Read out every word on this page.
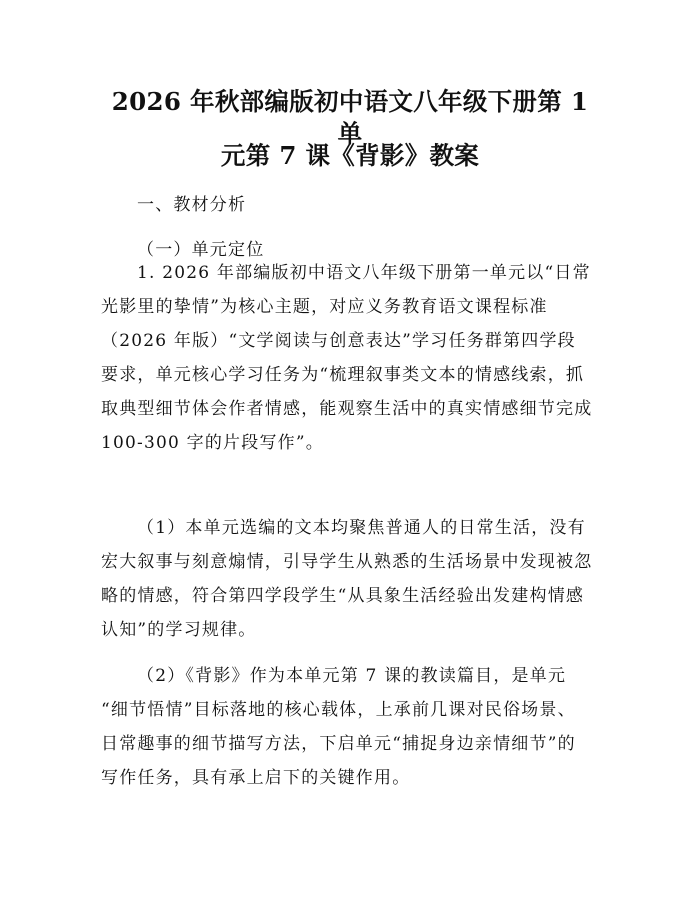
2026 年秋部编版初中语文八年级下册第 1 单
元第 7 课《背影》教案

一、教材分析

（一）单元定位

1. 2026 年部编版初中语文八年级下册第一单元以“日常
光影里的挚情”为核心主题，对应义务教育语文课程标准
（2026 年版）“文学阅读与创意表达”学习任务群第四学段
要求，单元核心学习任务为“梳理叙事类文本的情感线索，抓
取典型细节体会作者情感，能观察生活中的真实情感细节完成
100-300 字的片段写作”。
（1）本单元选编的文本均聚焦普通人的日常生活，没有
宏大叙事与刻意煽情，引导学生从熟悉的生活场景中发现被忽
略的情感，符合第四学段学生“从具象生活经验出发建构情感
认知”的学习规律。
（2）《背影》作为本单元第 7 课的教读篇目，是单元
“细节悟情”目标落地的核心载体，上承前几课对民俗场景、
日常趣事的细节描写方法，下启单元“捕捉身边亲情细节”的
写作任务，具有承上启下的关键作用。
